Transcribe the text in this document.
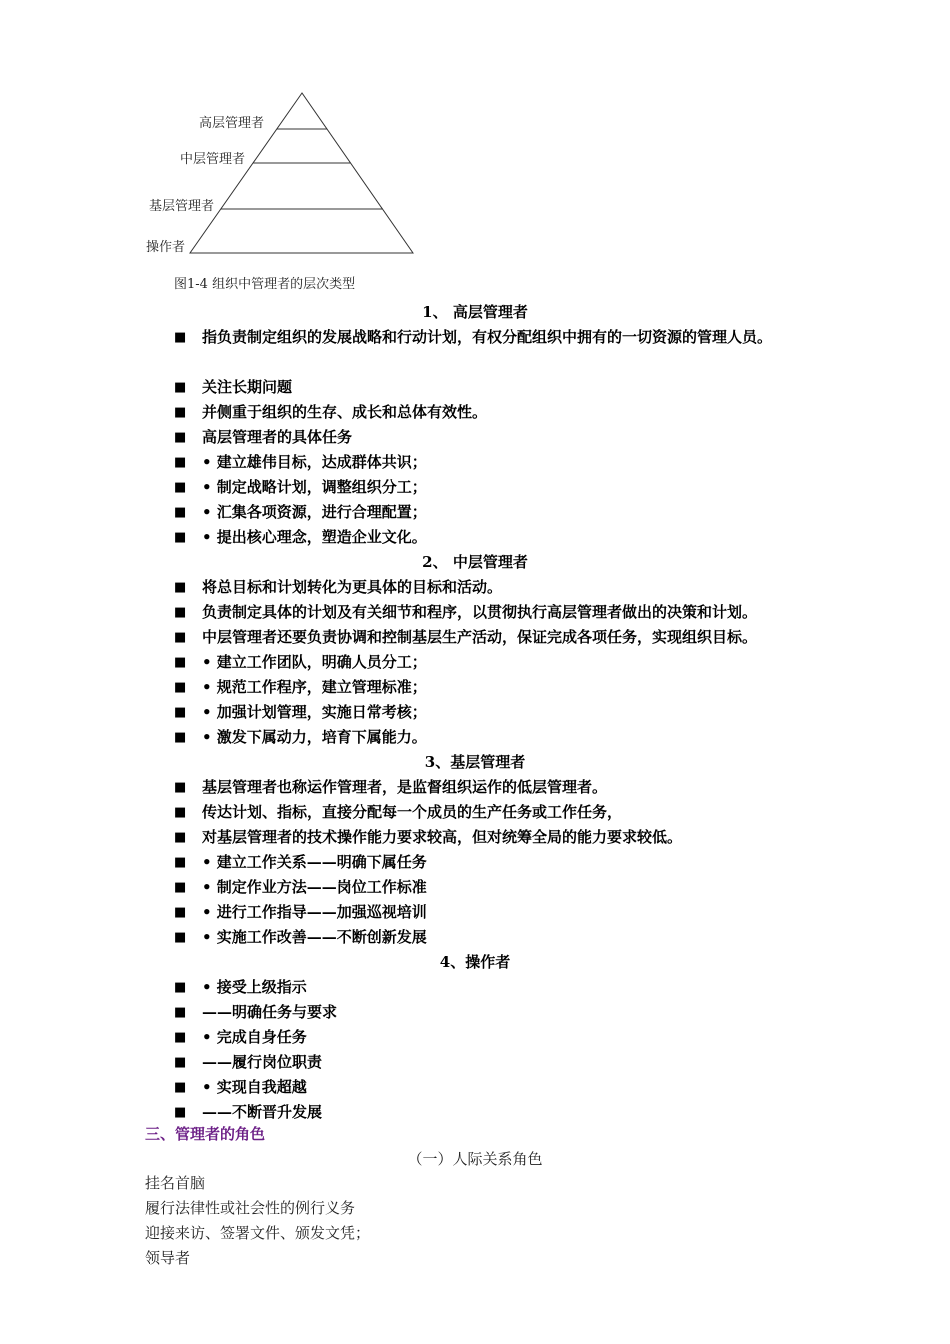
高层管理者
中层管理者
基层管理者
操作者
图1-4 组织中管理者的层次类型
1、 高层管理者
■	指负责制定组织的发展战略和行动计划，有权分配组织中拥有的一切资源的管理人员。
■	关注长期问题
■	并侧重于组织的生存、成长和总体有效性。
■	高层管理者的具体任务
■	• 建立雄伟目标，达成群体共识；
■	• 制定战略计划，调整组织分工；
■	• 汇集各项资源，进行合理配置；
■	• 提出核心理念，塑造企业文化。
2、 中层管理者
■	将总目标和计划转化为更具体的目标和活动。
■	负责制定具体的计划及有关细节和程序，以贯彻执行高层管理者做出的决策和计划。
■	中层管理者还要负责协调和控制基层生产活动，保证完成各项任务，实现组织目标。
■	• 建立工作团队，明确人员分工；
■	• 规范工作程序，建立管理标准；
■	• 加强计划管理，实施日常考核；
■	• 激发下属动力，培育下属能力。
3、基层管理者
■	基层管理者也称运作管理者，是监督组织运作的低层管理者。
■	传达计划、指标，直接分配每一个成员的生产任务或工作任务，
■	对基层管理者的技术操作能力要求较高，但对统筹全局的能力要求较低。
■	• 建立工作关系——明确下属任务
■	• 制定作业方法——岗位工作标准
■	• 进行工作指导——加强巡视培训
■	• 实施工作改善——不断创新发展
4、操作者
■	• 接受上级指示
■	——明确任务与要求
■	• 完成自身任务
■	——履行岗位职责
■	• 实现自我超越
■	——不断晋升发展
三、管理者的角色
（一）人际关系角色
挂名首脑
履行法律性或社会性的例行义务
迎接来访、签署文件、颁发文凭；
领导者
